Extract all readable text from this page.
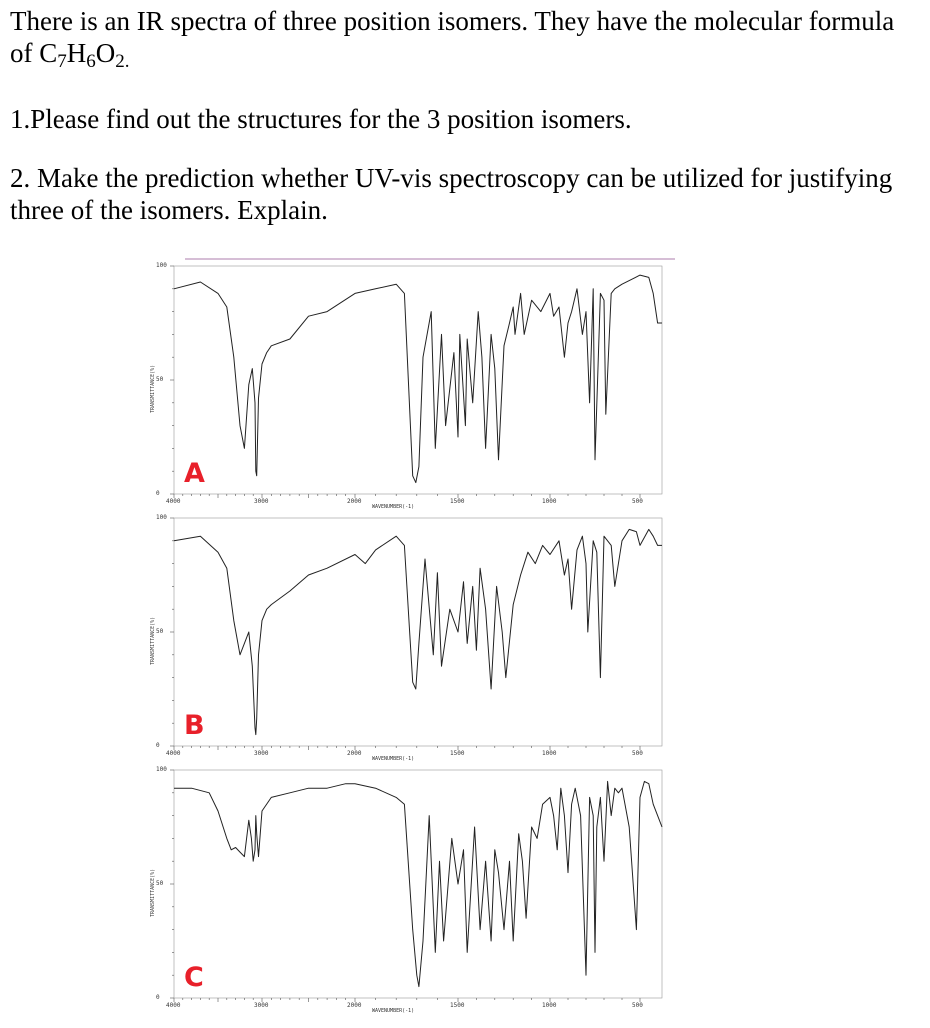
There is an IR spectra of three position isomers. They have the molecular formula of $C_7H_6O_{2.}$
1.Please find out the structures for the 3 position isomers.
2. Make the prediction whether UV-vis spectroscopy can be utilized for justifying three of the isomers. Explain.
4000	3000	2000	1500	1000	500
100
50
0
WAVENUMBER(-1)
TRANSMITTANCE(%)
A
4000	3000	2000	1500	1000	500
100
50
0
WAVENUMBER(-1)
TRANSMITTANCE(%)
B
4000	3000	2000	1500	1000	500
100
50
0
WAVENUMBER(-1)
TRANSMITTANCE(%)
C
